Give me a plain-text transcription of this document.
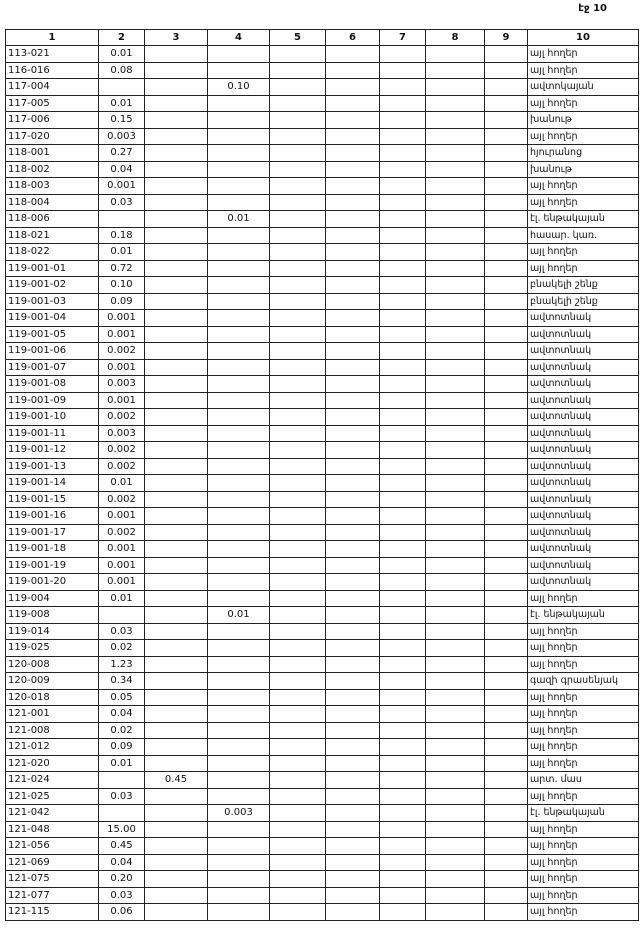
էջ 10
1	2	3	4	5	6	7	8	9	10
113-021	0.01								այլ հողեր
116-016	0.08								այլ հողեր
117-004			0.10						ավտոկայան
117-005	0.01								այլ հողեր
117-006	0.15								խանութ
117-020	0.003								այլ հողեր
118-001	0.27								հյուրանոց
118-002	0.04								խանութ
118-003	0.001								այլ հողեր
118-004	0.03								այլ հողեր
118-006			0.01						էլ. ենթակայան
118-021	0.18								հասար. կառ.
118-022	0.01								այլ հողեր
119-001-01	0.72								այլ հողեր
119-001-02	0.10								բնակելի շենք
119-001-03	0.09								բնակելի շենք
119-001-04	0.001								ավտոտնակ
119-001-05	0.001								ավտոտնակ
119-001-06	0.002								ավտոտնակ
119-001-07	0.001								ավտոտնակ
119-001-08	0.003								ավտոտնակ
119-001-09	0.001								ավտոտնակ
119-001-10	0.002								ավտոտնակ
119-001-11	0.003								ավտոտնակ
119-001-12	0.002								ավտոտնակ
119-001-13	0.002								ավտոտնակ
119-001-14	0.01								ավտոտնակ
119-001-15	0.002								ավտոտնակ
119-001-16	0.001								ավտոտնակ
119-001-17	0.002								ավտոտնակ
119-001-18	0.001								ավտոտնակ
119-001-19	0.001								ավտոտնակ
119-001-20	0.001								ավտոտնակ
119-004	0.01								այլ հողեր
119-008			0.01						էլ. ենթակայան
119-014	0.03								այլ հողեր
119-025	0.02								այլ հողեր
120-008	1.23								այլ հողեր
120-009	0.34								գազի գրասենյակ
120-018	0.05								այլ հողեր
121-001	0.04								այլ հողեր
121-008	0.02								այլ հողեր
121-012	0.09								այլ հողեր
121-020	0.01								այլ հողեր
121-024		0.45							արտ. մաս
121-025	0.03								այլ հողեր
121-042			0.003						էլ. ենթակայան
121-048	15.00								այլ հողեր
121-056	0.45								այլ հողեր
121-069	0.04								այլ հողեր
121-075	0.20								այլ հողեր
121-077	0.03								այլ հողեր
121-115	0.06								այլ հողեր
